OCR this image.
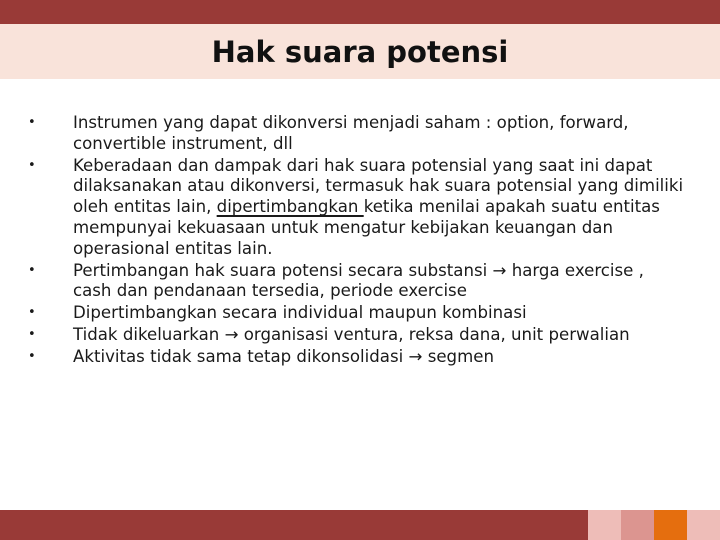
Hak suara potensi
• Instrumen yang dapat dikonversi menjadi saham : option, forward, convertible instrument, dll
• Keberadaan dan dampak dari hak suara potensial yang saat ini dapat dilaksanakan atau dikonversi, termasuk hak suara potensial yang dimiliki oleh entitas lain, dipertimbangkan ketika menilai apakah suatu entitas mempunyai kekuasaan untuk mengatur kebijakan keuangan dan operasional entitas lain.
• Pertimbangan hak suara potensi secara substansi → harga exercise , cash dan pendanaan tersedia, periode exercise
• Dipertimbangkan secara individual maupun kombinasi
• Tidak dikeluarkan → organisasi ventura, reksa dana, unit perwalian
• Aktivitas tidak sama tetap dikonsolidasi → segmen
